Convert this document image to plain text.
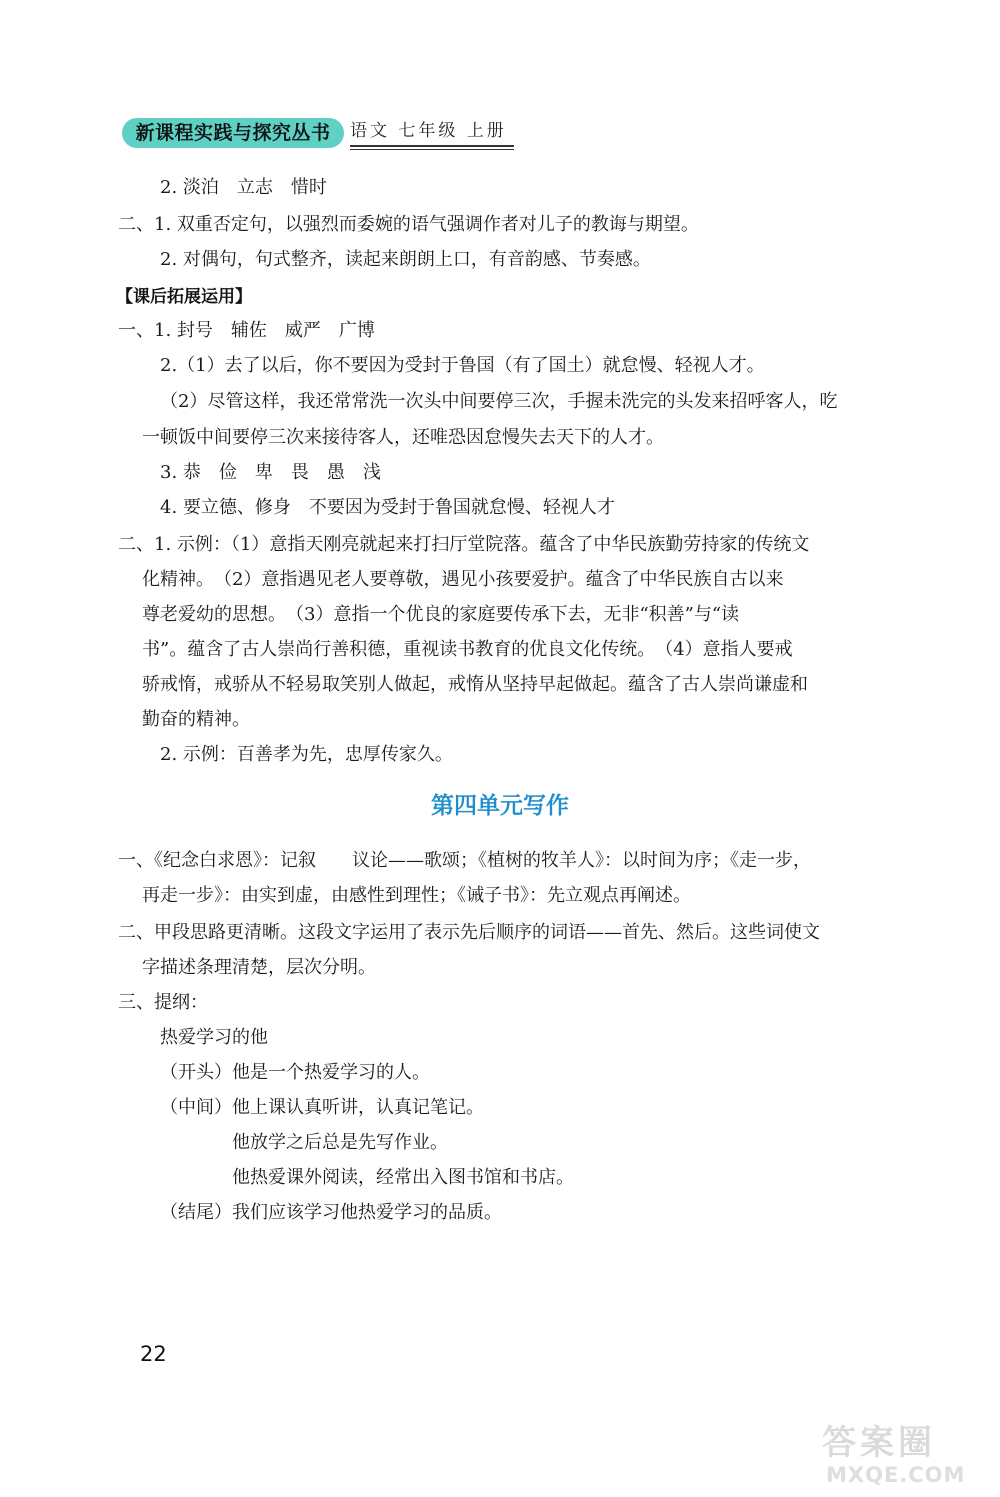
新课程实践与探究丛书	语文 七年级 上册
【课后拓展运用】
第四单元写作
2. 淡泊　立志　惜时
二、1. 双重否定句，以强烈而委婉的语气强调作者对儿子的教诲与期望。
2. 对偶句，句式整齐，读起来朗朗上口，有音韵感、节奏感。
一、1. 封号　辅佐　威严　广博
2.（1）去了以后，你不要因为受封于鲁国（有了国土）就怠慢、轻视人才。
（2）尽管这样，我还常常洗一次头中间要停三次，手握未洗完的头发来招呼客人，吃
一顿饭中间要停三次来接待客人，还唯恐因怠慢失去天下的人才。
3. 恭　俭　卑　畏　愚　浅
4. 要立德、修身　不要因为受封于鲁国就怠慢、轻视人才
二、1. 示例：（1）意指天刚亮就起来打扫厅堂院落。蕴含了中华民族勤劳持家的传统文
化精神。　（2）意指遇见老人要尊敬，遇见小孩要爱护。蕴含了中华民族自古以来
尊老爱幼的思想。　（3）意指一个优良的家庭要传承下去，无非“积善”与“读
书”。蕴含了古人崇尚行善积德，重视读书教育的优良文化传统。　（4）意指人要戒
骄戒惰，戒骄从不轻易取笑别人做起，戒惰从坚持早起做起。蕴含了古人崇尚谦虚和
勤奋的精神。
2. 示例：百善孝为先，忠厚传家久。
一、《纪念白求恩》：记叙　　议论——歌颂；《植树的牧羊人》：以时间为序；《走一步，
再走一步》：由实到虚，由感性到理性；《诫子书》：先立观点再阐述。
二、甲段思路更清晰。这段文字运用了表示先后顺序的词语——首先、然后。这些词使文
字描述条理清楚，层次分明。
三、提纲：
热爱学习的他
（开头）他是一个热爱学习的人。
（中间）他上课认真听讲，认真记笔记。
他放学之后总是先写作业。
他热爱课外阅读，经常出入图书馆和书店。
（结尾）我们应该学习他热爱学习的品质。
22
答案圈
MXQE.COM
